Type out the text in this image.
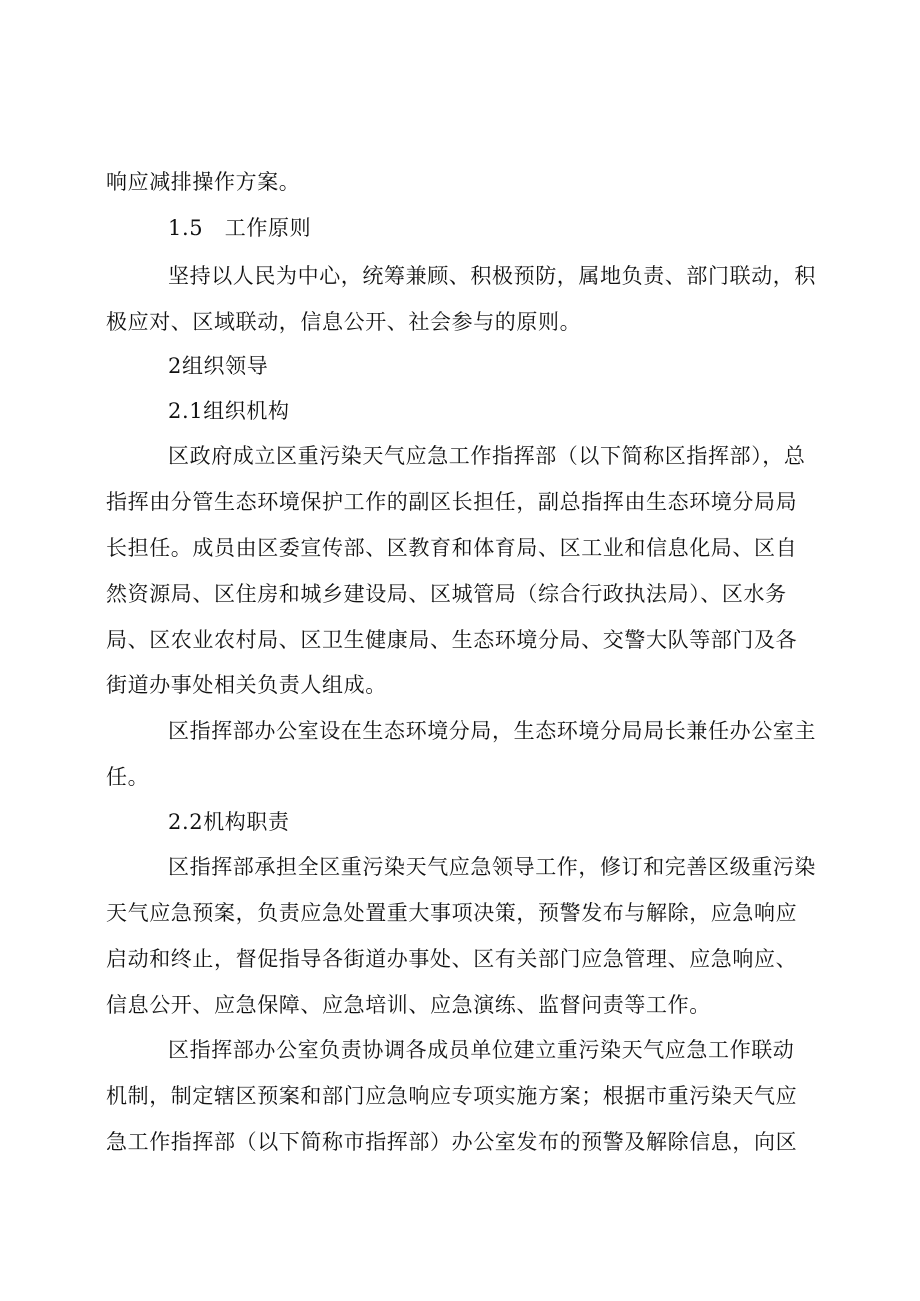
响应减排操作方案。
1.5　工作原则
坚持以人民为中心，统筹兼顾、积极预防，属地负责、部门联动，积
极应对、区域联动，信息公开、社会参与的原则。
2组织领导
2.1组织机构
区政府成立区重污染天气应急工作指挥部（以下简称区指挥部），总
指挥由分管生态环境保护工作的副区长担任，副总指挥由生态环境分局局
长担任。成员由区委宣传部、区教育和体育局、区工业和信息化局、区自
然资源局、区住房和城乡建设局、区城管局（综合行政执法局）、区水务
局、区农业农村局、区卫生健康局、生态环境分局、交警大队等部门及各
街道办事处相关负责人组成。
区指挥部办公室设在生态环境分局，生态环境分局局长兼任办公室主
任。
2.2机构职责
区指挥部承担全区重污染天气应急领导工作，修订和完善区级重污染
天气应急预案，负责应急处置重大事项决策，预警发布与解除，应急响应
启动和终止，督促指导各街道办事处、区有关部门应急管理、应急响应、
信息公开、应急保障、应急培训、应急演练、监督问责等工作。
区指挥部办公室负责协调各成员单位建立重污染天气应急工作联动
机制，制定辖区预案和部门应急响应专项实施方案；根据市重污染天气应
急工作指挥部（以下简称市指挥部）办公室发布的预警及解除信息，向区
